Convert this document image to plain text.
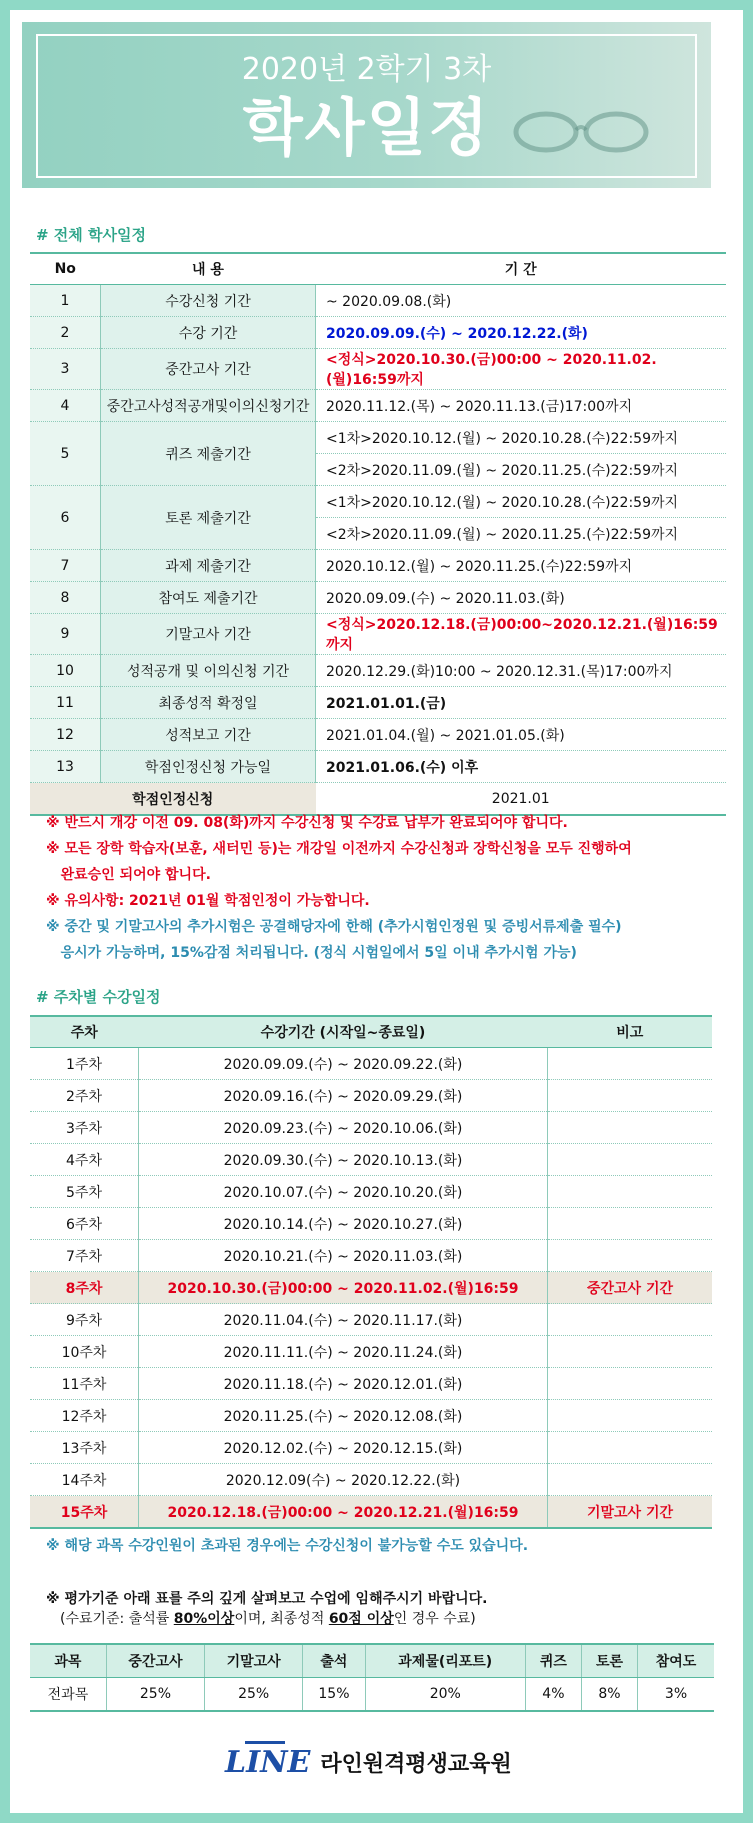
2020년 2학기 3차
학사일정
# 전체 학사일정
No	내 용	기 간
1	수강신청 기간	~ 2020.09.08.(화)
2	수강 기간	2020.09.09.(수) ~ 2020.12.22.(화)
3	중간고사 기간	<정식>2020.10.30.(금)00:00 ~ 2020.11.02.(월)16:59까지
4	중간고사성적공개및이의신청기간	2020.11.12.(목) ~ 2020.11.13.(금)17:00까지
5	퀴즈 제출기간	<1차>2020.10.12.(월) ~ 2020.10.28.(수)22:59까지
		<2차>2020.11.09.(월) ~ 2020.11.25.(수)22:59까지
6	토론 제출기간	<1차>2020.10.12.(월) ~ 2020.10.28.(수)22:59까지
		<2차>2020.11.09.(월) ~ 2020.11.25.(수)22:59까지
7	과제 제출기간	2020.10.12.(월) ~ 2020.11.25.(수)22:59까지
8	참여도 제출기간	2020.09.09.(수) ~ 2020.11.03.(화)
9	기말고사 기간	<정식>2020.12.18.(금)00:00~2020.12.21.(월)16:59까지
10	성적공개 및 이의신청 기간	2020.12.29.(화)10:00 ~ 2020.12.31.(목)17:00까지
11	최종성적 확정일	2021.01.01.(금)
12	성적보고 기간	2021.01.04.(월) ~ 2021.01.05.(화)
13	학점인정신청 가능일	2021.01.06.(수) 이후
학점인정신청		2021.01
※ 반드시 개강 이전 09. 08(화)까지 수강신청 및 수강료 납부가 완료되어야 합니다.
※ 모든 장학 학습자(보훈, 새터민 등)는 개강일 이전까지 수강신청과 장학신청을 모두 진행하여
완료승인 되어야 합니다.
※ 유의사항: 2021년 01월 학점인정이 가능합니다.
※ 중간 및 기말고사의 추가시험은 공결해당자에 한해 (추가시험인정원 및 증빙서류제출 필수)
응시가 가능하며, 15%감점 처리됩니다. (정식 시험일에서 5일 이내 추가시험 가능)
# 주차별 수강일정
주차	수강기간 (시작일~종료일)	비고
1주차	2020.09.09.(수) ~ 2020.09.22.(화)	
2주차	2020.09.16.(수) ~ 2020.09.29.(화)	
3주차	2020.09.23.(수) ~ 2020.10.06.(화)	
4주차	2020.09.30.(수) ~ 2020.10.13.(화)	
5주차	2020.10.07.(수) ~ 2020.10.20.(화)	
6주차	2020.10.14.(수) ~ 2020.10.27.(화)	
7주차	2020.10.21.(수) ~ 2020.11.03.(화)	
8주차	2020.10.30.(금)00:00 ~ 2020.11.02.(월)16:59	중간고사 기간
9주차	2020.11.04.(수) ~ 2020.11.17.(화)	
10주차	2020.11.11.(수) ~ 2020.11.24.(화)	
11주차	2020.11.18.(수) ~ 2020.12.01.(화)	
12주차	2020.11.25.(수) ~ 2020.12.08.(화)	
13주차	2020.12.02.(수) ~ 2020.12.15.(화)	
14주차	2020.12.09(수) ~ 2020.12.22.(화)	
15주차	2020.12.18.(금)00:00 ~ 2020.12.21.(월)16:59	기말고사 기간
※ 해당 과목 수강인원이 초과된 경우에는 수강신청이 불가능할 수도 있습니다.
※ 평가기준 아래 표를 주의 깊게 살펴보고 수업에 임해주시기 바랍니다.
(수료기준: 출석률 80%이상이며, 최종성적 60점 이상인 경우 수료)
과목	중간고사	기말고사	출석	과제물(리포트)	퀴즈	토론	참여도
전과목	25%	25%	15%	20%	4%	8%	3%
LINE 라인원격평생교육원
